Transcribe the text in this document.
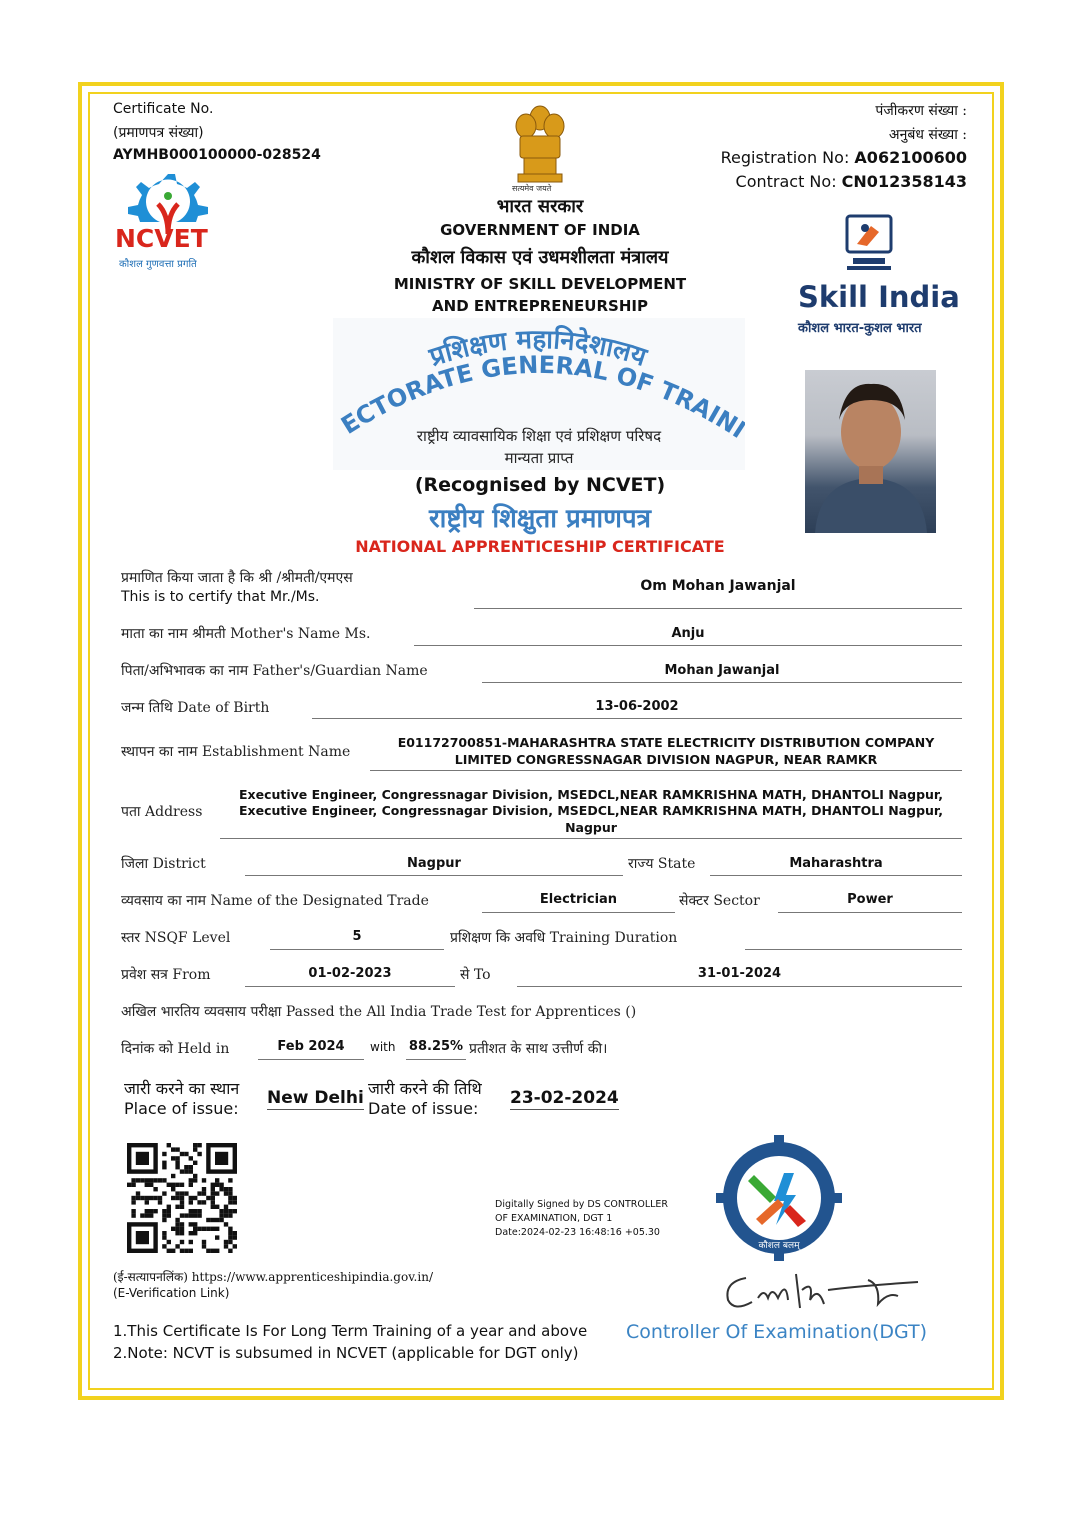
Certificate No.
(प्रमाणपत्र संख्या)
AYMHB000100000-028524
NCVET
कौशल गुणवत्ता प्रगति
सत्यमेव जयते
भारत सरकार
GOVERNMENT OF INDIA
कौशल विकास एवं उधमशीलता मंत्रालय
MINISTRY OF SKILL DEVELOPMENT
AND ENTREPRENEURSHIP
पंजीकरण संख्या :
अनुबंध संख्या :
Registration No: A062100600
Contract No: CN012358143
Skill India
कौशल भारत-कुशल भारत
प्रशिक्षण महानिदेशालय
ECTORATE GENERAL OF TRAIN
राष्ट्रीय व्यावसायिक शिक्षा एवं प्रशिक्षण परिषद
मान्यता प्राप्त
(Recognised by NCVET)
राष्ट्रीय शिक्षुता प्रमाणपत्र
NATIONAL APPRENTICESHIP CERTIFICATE
प्रमाणित किया जाता है कि श्री /श्रीमती/एमएस
This is to certify that Mr./Ms.
Om Mohan Jawanjal
माता का नाम श्रीमती Mother's Name Ms.	Anju
पिता/अभिभावक का नाम Father's/Guardian Name	Mohan Jawanjal
जन्म तिथि Date of Birth	13-06-2002
स्थापन का नाम Establishment Name
E01172700851-MAHARASHTRA STATE ELECTRICITY DISTRIBUTION COMPANY
LIMITED CONGRESSNAGAR DIVISION NAGPUR, NEAR RAMKR
पता Address
Executive Engineer, Congressnagar Division, MSEDCL,NEAR RAMKRISHNA MATH, DHANTOLI Nagpur,
Executive Engineer, Congressnagar Division, MSEDCL,NEAR RAMKRISHNA MATH, DHANTOLI Nagpur,
Nagpur
जिला District	Nagpur	राज्य State	Maharashtra
व्यवसाय का नाम Name of the Designated Trade	Electrician	सेक्टर Sector	Power
स्तर NSQF Level	5	प्रशिक्षण कि अवधि Training Duration
प्रवेश सत्र From	01-02-2023	से To	31-01-2024
अखिल भारतिय व्यवसाय परीक्षा Passed the All India Trade Test for Apprentices ()
दिनांक को Held in	Feb 2024	with 88.25% प्रतीशत के साथ उत्तीर्ण की।
जारी करने का स्थान
Place of issue:
New Delhi जारी करने की तिथि
Date of issue:
23-02-2024
(ई-सत्यापनलिंक) https://www.apprenticeshipindia.gov.in/
(E-Verification Link)
Digitally Signed by DS CONTROLLER
OF EXAMINATION, DGT 1
Date:2024-02-23 16:48:16 +05.30
कौशल बलम्
Controller Of Examination(DGT)
1.This Certificate Is For Long Term Training of a year and above
2.Note: NCVT is subsumed in NCVET (applicable for DGT only)
